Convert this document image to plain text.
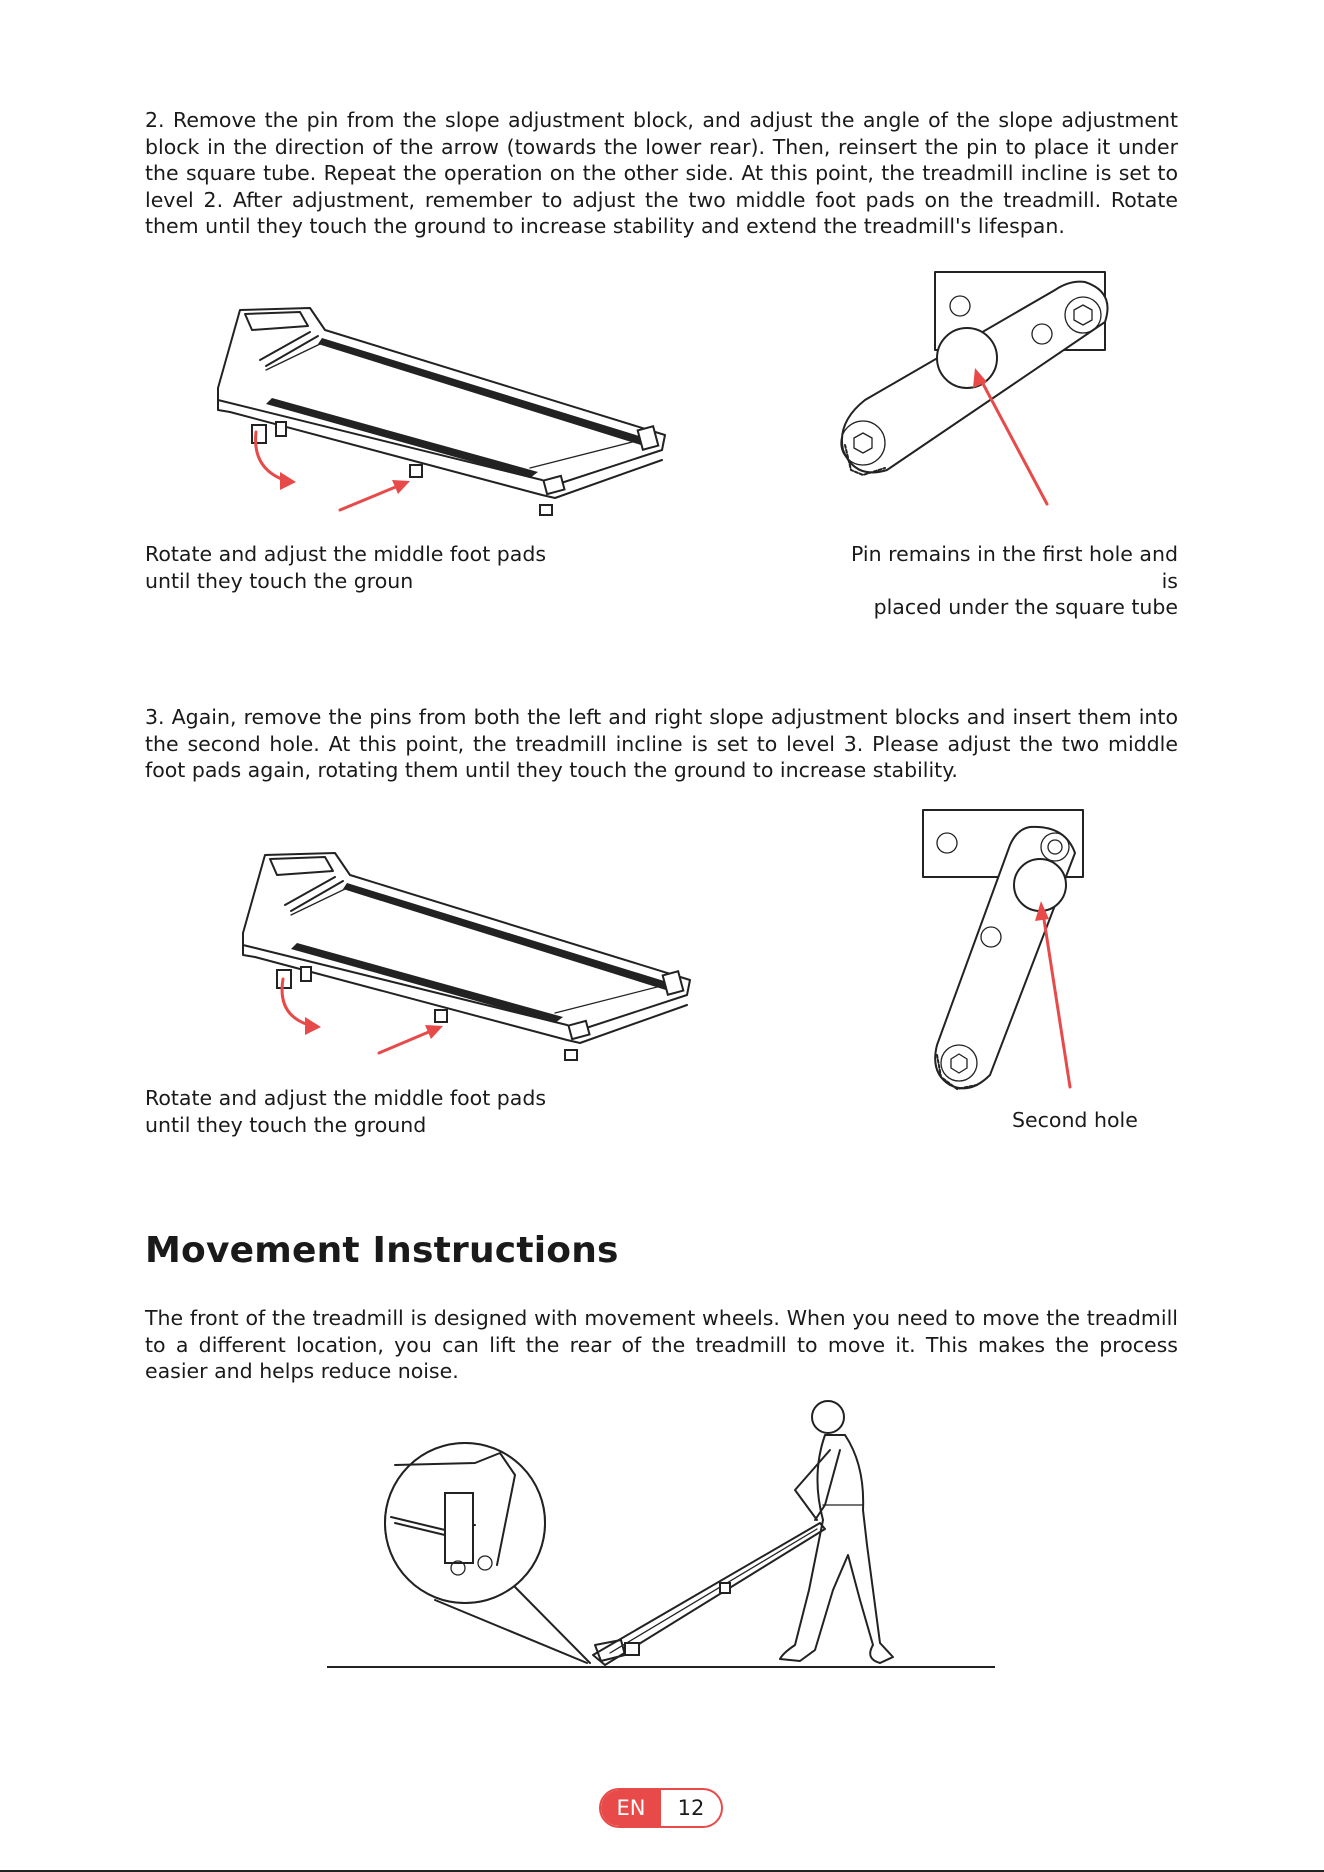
2. Remove the pin from the slope adjustment block, and adjust the angle of the slope adjustment block in the direction of the arrow (towards the lower rear). Then, reinsert the pin to place it under the square tube. Repeat the operation on the other side. At this point, the treadmill incline is set to level 2. After adjustment, remember to adjust the two middle foot pads on the treadmill. Rotate them until they touch the ground to increase stability and extend the treadmill's lifespan.

Rotate and adjust the middle foot pads
until they touch the groun
Pin remains in the first hole and is
placed under the square tube

3. Again, remove the pins from both the left and right slope adjustment blocks and insert them into the second hole. At this point, the treadmill incline is set to level 3. Please adjust the two middle foot pads again, rotating them until they touch the ground to increase stability.

Rotate and adjust the middle foot pads
until they touch the ground	Second hole
Movement Instructions

The front of the treadmill is designed with movement wheels. When you need to move the treadmill to a different location, you can lift the rear of the treadmill to move it. This makes the process easier and helps reduce noise.

EN	12
